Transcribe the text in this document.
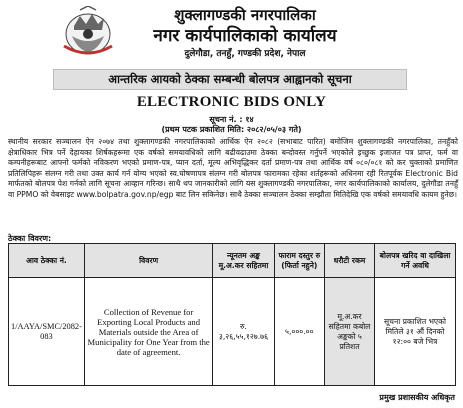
शुक्लागण्डकी नगरपालिका
नगर कार्यपालिकाको कार्यालय
दुलेगौडा, तनहुँ, गण्डकी प्रदेश, नेपाल
आन्तरिक आयको ठेक्का सम्बन्धी बोलपत्र आह्वानको सूचना
ELECTRONIC BIDS ONLY
सूचना नं. : १४
(प्रथम पटक प्रकाशित मिति: २०८२/०५/०३ गते)

स्थानीय सरकार सञ्चालन ऐन २०७४ तथा शुक्लागण्डकी नगरपालिकाको आर्थिक ऐन २०८२ (सभाबाट पारित) बमोजिम शुक्लागण्डकी नगरपालिका, तनहुँको क्षेत्राधिकार भित्र पर्ने देहायका शिर्षकहरूमा एक वर्षको समयावधिको लागि बढीवढाउमा ठेक्का बन्दोवस्त गर्नुपर्ने भएकोले इच्छुक इजाजत पत्र प्राप्त, फर्म वा कम्पनीहरूबाट आफ्नो फर्मको नविकरण भएको प्रमाण-पत्र, प्यान दर्ता, मूल्य अभिवृद्धिकर दर्ता प्रमाण-पत्र तथा आर्थिक वर्ष ०८०/०८१ को कर चुक्ताको प्रमाणित प्रतिलिपिहरू संलग्न गरी तथा उक्त कार्य गर्न योग्य भएको स्व.घोषणापत्र संलग्न गरी बोलपत्र फारामका रहेका शर्तहरूको अधिनमा रही रितपूर्वक Electronic Bid मार्फतको बोलपत्र पेश गर्नको लागि सूचना आव्हान गरिन्छ। साथै थप जानकारीको लागि यस शुक्लागण्डकी नगरपालिका, नगर कार्यपालिकाको कार्यालय, दुलेगौडा तनहुँ वा PPMO को वेबसाइट www.bolpatra.gov.np/egp बाट लिन सकिनेछ। साथै ठेक्का सञ्चालन ठेक्का सम्झौता मितिदेखि एक वर्षको समयावधि कायम हुनेछ।

ठेक्का विवरण:
आव ठेक्का नं.	विवरण	न्यूनतम अङ्क मू.अ.कर सहितमा	फाराम दस्तुर रु (फिर्ता नहुने)	धरौटी रकम	बोलपत्र खरिद वा दाखिला गर्ने अवधि
1/AAYA/SMC/2082-083	Collection of Revenue for Exporting Local Products and Materials outside the Area of Municipality for One Year from the date of agreement.	रु. ३,२६,५५,१२७.७६	५,०००.००	मू.अ.कर सहितमा कबोल अङ्कको ५ प्रतिशत	सूचना प्रकाशित भएको मितिले ३१ औं दिनको १२:०० बजे भित्र
प्रमुख प्रशासकीय अधिकृत
